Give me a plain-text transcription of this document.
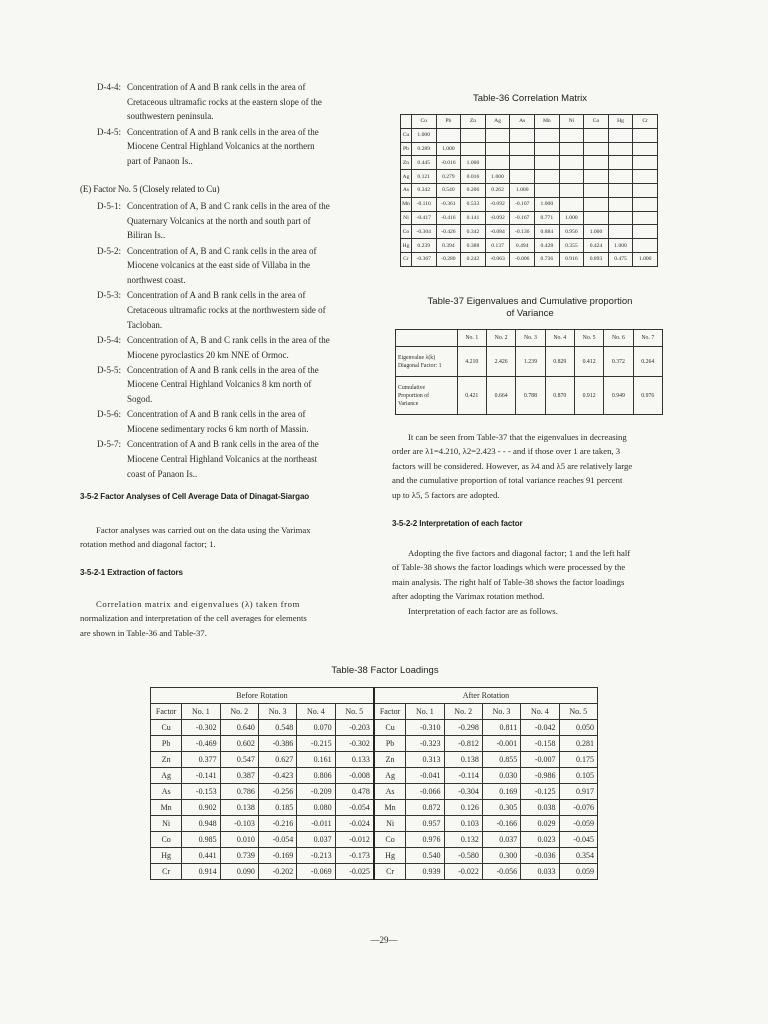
D-4-4: Concentration of A and B rank cells in the area of
Cretaceous ultramafic rocks at the eastern slope of the
southwestern peninsula.
D-4-5: Concentration of A and B rank cells in the area of the
Miocene Central Highland Volcanics at the northern
part of Panaon Is..
(E) Factor No. 5 (Closely related to Cu)
D-5-1: Concentration of A, B and C rank cells in the area of the
Quaternary Volcanics at the north and south part of
Biliran Is..
D-5-2: Concentration of A, B and C rank cells in the area of
Miocene volcanics at the east side of Villaba in the
northwest coast.
D-5-3: Concentration of A and B rank cells in the area of
Cretaceous ultramafic rocks at the northwestern side of
Tacloban.
D-5-4: Concentration of A, B and C rank cells in the area of the
Miocene pyroclastics 20 km NNE of Ormoc.
D-5-5: Concentration of A and B rank cells in the area of the
Miocene Central Highland Volcanics 8 km north of
Sogod.
D-5-6: Concentration of A and B rank cells in the area of
Miocene sedimentary rocks 6 km north of Massin.
D-5-7: Concentration of A and B rank cells in the area of the
Miocene Central Highland Volcanics at the northeast
coast of Panaon Is..
3-5-2 Factor Analyses of Cell Average Data of Dinagat-Siargao
Factor analyses was carried out on the data using the Varimax
rotation method and diagonal factor; 1.
3-5-2-1 Extraction of factors
Correlation matrix and eigenvalues (λ) taken from
normalization and interpretation of the cell averages for elements
are shown in Table-36 and Table-37.
Table-36 Correlation Matrix
	Cu	Pb	Zn	Ag	As	Mn	Ni	Co	Hg	Cr
Cu	1.000									
Pb	0.289	1.000								
Zn	0.445	-0.016	1.000							
Ag	0.121	0.279	0.016	1.000						
As	0.342	0.540	0.206	0.262	1.000					
Mn	-0.110	-0.361	0.533	-0.092	-0.107	1.000				
Ni	-0.417	-0.416	0.141	-0.092	-0.167	0.771	1.000			
Co	-0.304	-0.426	0.342	-0.084	-0.136	0.884	0.956	1.000		
Hg	0.239	0.394	0.388	0.137	0.494	0.428	0.355	0.424	1.000	
Cr	-0.367	-0.280	0.242	-0.063	-0.006	0.736	0.916	0.893	0.475	1.000
Table-37 Eigenvalues and Cumulative proportion
of Variance
	No. 1	No. 2	No. 3	No. 4	No. 5	No. 6	No. 7

Eigenvalue λ(k)
Diagonal Factor: 1	4.210	2.426	1.239	0.829	0.412	0.372	0.264

Cumulative
Proportion of
Variance	0.421	0.664	0.788	0.870	0.912	0.949	0.976
It can be seen from Table-37 that the eigenvalues in decreasing
order are λ1=4.210, λ2=2.423 - - - and if those over 1 are taken, 3
factors will be considered. However, as λ4 and λ5 are relatively large
and the cumulative proportion of total variance reaches 91 percent
up to λ5, 5 factors are adopted.
3-5-2-2 Interpretation of each factor
Adopting the five factors and diagonal factor; 1 and the left half
of Table-38 shows the factor loadings which were processed by the
main analysis. The right half of Table-38 shows the factor loadings
after adopting the Varimax rotation method.
Interpretation of each factor are as follows.
Table-38 Factor Loadings
Before Rotation						After Rotation					
Factor	No. 1	No. 2	No. 3	No. 4	No. 5	Factor	No. 1	No. 2	No. 3	No. 4	No. 5
Cu	-0.302	0.640	0.548	0.070	-0.203	Cu	-0.310	-0.298	0.811	-0.042	0.050
Pb	-0.469	0.602	-0.386	-0.215	-0.302	Pb	-0.323	-0.812	-0.001	-0.158	0.281
Zn	0.377	0.547	0.627	0.161	0.133	Zn	0.313	0.138	0.855	-0.007	0.175
Ag	-0.141	0.387	-0.423	0.806	-0.008	Ag	-0.041	-0.114	0.030	-0.986	0.105
As	-0.153	0.786	-0.256	-0.209	0.478	As	-0.066	-0.304	0.169	-0.125	0.917
Mn	0.902	0.138	0.185	0.080	-0.054	Mn	0.872	0.126	0.305	0.038	-0.076
Ni	0.948	-0.103	-0.216	-0.011	-0.024	Ni	0.957	0.103	-0.166	0.029	-0.059
Co	0.985	0.010	-0.054	0.037	-0.012	Co	0.976	0.132	0.037	0.023	-0.045
Hg	0.441	0.739	-0.169	-0.213	-0.173	Hg	0.540	-0.580	0.300	-0.036	0.354
Cr	0.914	0.090	-0.202	-0.069	-0.025	Cr	0.939	-0.022	-0.056	0.033	0.059
—29—
